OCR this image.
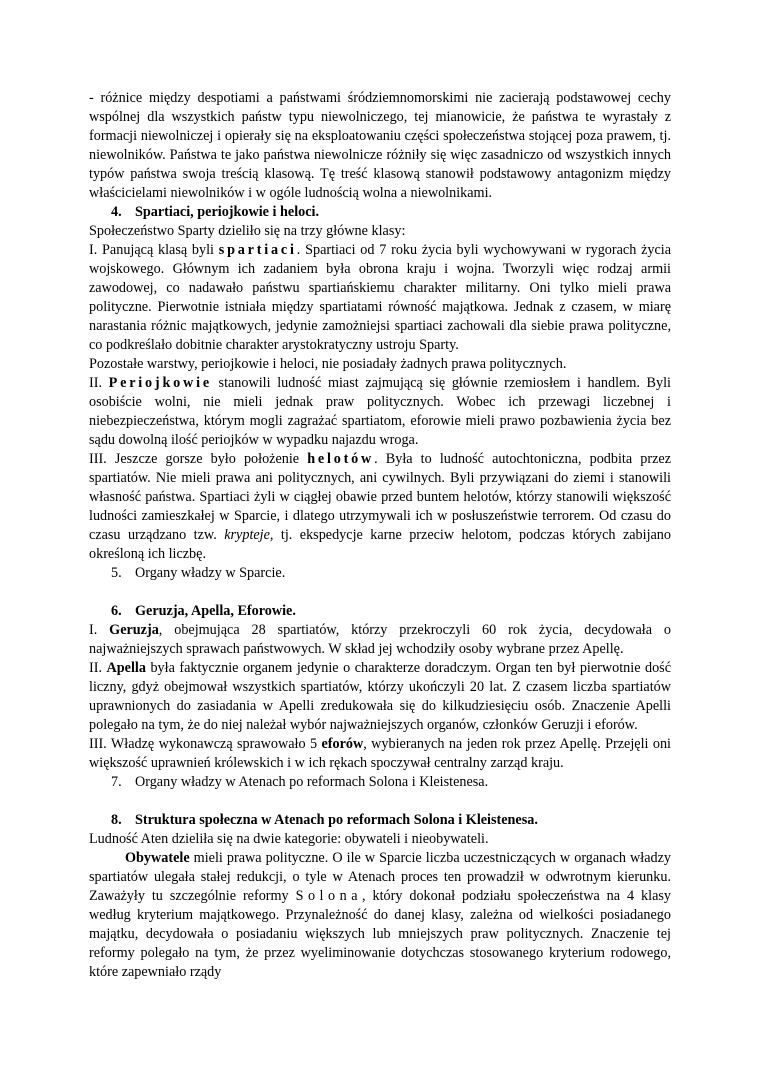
- różnice między despotiami a państwami śródziemnomorskimi nie zacierają podstawowej cechy wspólnej dla wszystkich państw typu niewolniczego, tej mianowicie, że państwa te wyrastały z formacji niewolniczej i opierały się na eksploatowaniu części społeczeństwa stojącej poza prawem, tj. niewolników. Państwa te jako państwa niewolnicze różniły się więc zasadniczo od wszystkich innych typów państwa swoja treścią klasową. Tę treść klasową stanowił podstawowy antagonizm między właścicielami niewolników i w ogóle ludnością wolna a niewolnikami.

4. Spartiaci, periojkowie i heloci.

Społeczeństwo Sparty dzieliło się na trzy główne klasy:

I. Panującą klasą byli spartiaci. Spartiaci od 7 roku życia byli wychowywani w rygorach życia wojskowego. Głównym ich zadaniem była obrona kraju i wojna. Tworzyli więc rodzaj armii zawodowej, co nadawało państwu spartiańskiemu charakter militarny. Oni tylko mieli prawa polityczne. Pierwotnie istniała między spartiatami równość majątkowa. Jednak z czasem, w miarę narastania różnic majątkowych, jedynie zamożniejsi spartiaci zachowali dla siebie prawa polityczne, co podkreślało dobitnie charakter arystokratyczny ustroju Sparty.

Pozostałe warstwy, periojkowie i heloci, nie posiadały żadnych prawa politycznych.

II. Periojkowie stanowili ludność miast zajmującą się głównie rzemiosłem i handlem. Byli osobiście wolni, nie mieli jednak praw politycznych. Wobec ich przewagi liczebnej i niebezpieczeństwa, którym mogli zagrażać spartiatom, eforowie mieli prawo pozbawienia życia bez sądu dowolną ilość periojków w wypadku najazdu wroga.

III. Jeszcze gorsze było położenie helotów. Była to ludność autochtoniczna, podbita przez spartiatów. Nie mieli prawa ani politycznych, ani cywilnych. Byli przywiązani do ziemi i stanowili własność państwa. Spartiaci żyli w ciągłej obawie przed buntem helotów, którzy stanowili większość ludności zamieszkałej w Sparcie, i dlatego utrzymywali ich w posłuszeństwie terrorem. Od czasu do czasu urządzano tzw. krypteje, tj. ekspedycje karne przeciw helotom, podczas których zabijano określoną ich liczbę.

5. Organy władzy w Sparcie.
6. Geruzja, Apella, Eforowie.

I. Geruzja, obejmująca 28 spartiatów, którzy przekroczyli 60 rok życia, decydowała o najważniejszych sprawach państwowych. W skład jej wchodziły osoby wybrane przez Apellę.

II. Apella była faktycznie organem jedynie o charakterze doradczym. Organ ten był pierwotnie dość liczny, gdyż obejmował wszystkich spartiatów, którzy ukończyli 20 lat. Z czasem liczba spartiatów uprawnionych do zasiadania w Apelli zredukowała się do kilkudziesięciu osób. Znaczenie Apelli polegało na tym, że do niej należał wybór najważniejszych organów, członków Geruzji i eforów.

III. Władzę wykonawczą sprawowało 5 eforów, wybieranych na jeden rok przez Apellę. Przejęli oni większość uprawnień królewskich i w ich rękach spoczywał centralny zarząd kraju.

7. Organy władzy w Atenach po reformach Solona i Kleistenesa.
8. Struktura społeczna w Atenach po reformach Solona i Kleistenesa.

Ludność Aten dzieliła się na dwie kategorie: obywateli i nieobywateli.

Obywatele mieli prawa polityczne. O ile w Sparcie liczba uczestniczących w organach władzy spartiatów ulegała stałej redukcji, o tyle w Atenach proces ten prowadził w odwrotnym kierunku. Zaważyły tu szczególnie reformy Solona, który dokonał podziału społeczeństwa na 4 klasy według kryterium majątkowego. Przynależność do danej klasy, zależna od wielkości posiadanego majątku, decydowała o posiadaniu większych lub mniejszych praw politycznych. Znaczenie tej reformy polegało na tym, że przez wyeliminowanie dotychczas stosowanego kryterium rodowego, które zapewniało rządy
